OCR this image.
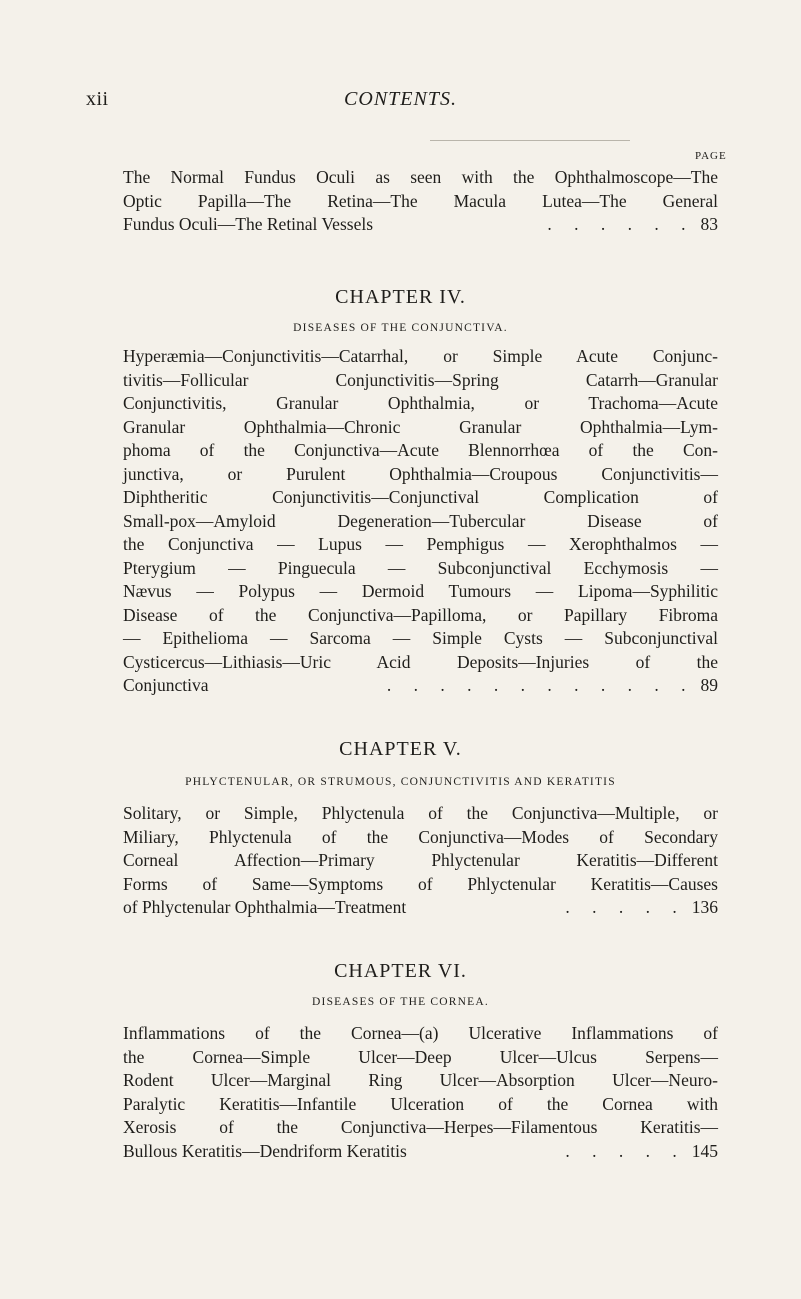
xii	CONTENTS.
PAGE
The Normal Fundus Oculi as seen with the Ophthalmoscope—The
Optic Papilla—The Retina—The Macula Lutea—The General
Fundus Oculi—The Retinal Vessels	. . . . . . 83
CHAPTER IV.
DISEASES OF THE CONJUNCTIVA.
Hyperæmia—Conjunctivitis—Catarrhal, or Simple Acute Conjunc-
tivitis—Follicular Conjunctivitis—Spring Catarrh—Granular
Conjunctivitis, Granular Ophthalmia, or Trachoma—Acute
Granular Ophthalmia—Chronic Granular Ophthalmia—Lym-
phoma of the Conjunctiva—Acute Blennorrhœa of the Con-
junctiva, or Purulent Ophthalmia—Croupous Conjunctivitis—
Diphtheritic Conjunctivitis—Conjunctival Complication of
Small-pox—Amyloid Degeneration—Tubercular Disease of
the Conjunctiva — Lupus — Pemphigus — Xerophthalmos —
Pterygium — Pinguecula — Subconjunctival Ecchymosis —
Nævus — Polypus — Dermoid Tumours — Lipoma—Syphilitic
Disease of the Conjunctiva—Papilloma, or Papillary Fibroma
— Epithelioma — Sarcoma — Simple Cysts — Subconjunctival
Cysticercus—Lithiasis—Uric Acid Deposits—Injuries of the
Conjunctiva	. . . . . . . . . . . . 89
CHAPTER V.
PHLYCTENULAR, OR STRUMOUS, CONJUNCTIVITIS AND KERATITIS
Solitary, or Simple, Phlyctenula of the Conjunctiva—Multiple, or
Miliary, Phlyctenula of the Conjunctiva—Modes of Secondary
Corneal Affection—Primary Phlyctenular Keratitis—Different
Forms of Same—Symptoms of Phlyctenular Keratitis—Causes
of Phlyctenular Ophthalmia—Treatment	. . . . . 136
CHAPTER VI.
DISEASES OF THE CORNEA.
Inflammations of the Cornea—(a) Ulcerative Inflammations of
the Cornea—Simple Ulcer—Deep Ulcer—Ulcus Serpens—
Rodent Ulcer—Marginal Ring Ulcer—Absorption Ulcer—Neuro-
Paralytic Keratitis—Infantile Ulceration of the Cornea with
Xerosis of the Conjunctiva—Herpes—Filamentous Keratitis—
Bullous Keratitis—Dendriform Keratitis	. . . . . 145
